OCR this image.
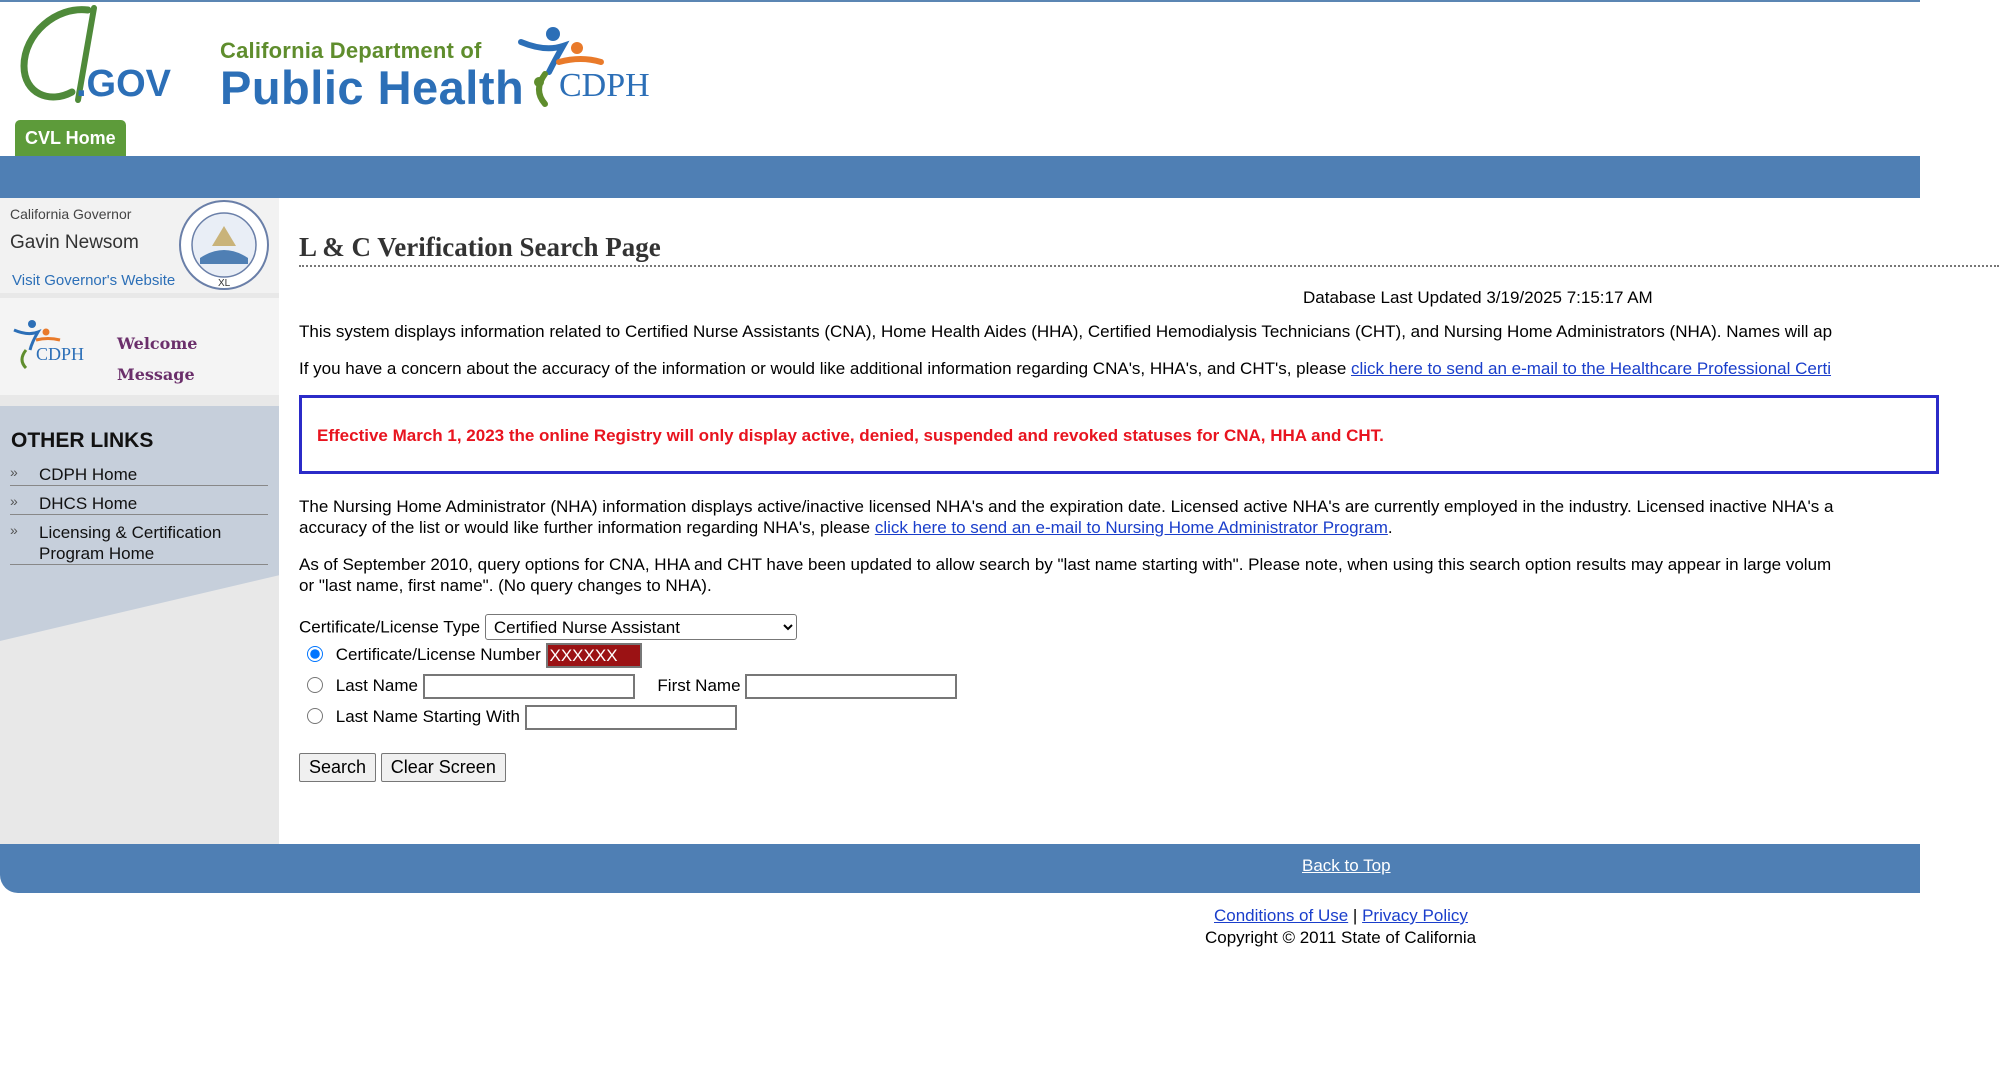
.GOV
California Department of
Public Health CDPH
CVL Home
California Governor
Gavin Newsom
Visit Governor's Website	XL
CDPH
Welcome
Message
OTHER LINKS
» CDPH Home
» DHCS Home
» Licensing & Certification Program Home
L & C Verification Search Page
Database Last Updated 3/19/2025 7:15:17 AM
This system displays information related to Certified Nurse Assistants (CNA), Home Health Aides (HHA), Certified Hemodialysis Technicians (CHT), and Nursing Home Administrators (NHA). Names will ap
If you have a concern about the accuracy of the information or would like additional information regarding CNA's, HHA's, and CHT's, please click here to send an e-mail to the Healthcare Professional Certi
Effective March 1, 2023 the online Registry will only display active, denied, suspended and revoked statuses for CNA, HHA and CHT.
The Nursing Home Administrator (NHA) information displays active/inactive licensed NHA's and the expiration date. Licensed active NHA's are currently employed in the industry. Licensed inactive NHA's a
accuracy of the list or would like further information regarding NHA's, please click here to send an e-mail to Nursing Home Administrator Program.
As of September 2010, query options for CNA, HHA and CHT have been updated to allow search by "last name starting with". Please note, when using this search option results may appear in large volum
or "last name, first name". (No query changes to NHA).
Certificate/License Type
Certified Nurse Assistant
Certificate/License Number XXXXXX
Last Name	First Name
Last Name Starting With
Search Clear Screen
Back to Top
Conditions of Use | Privacy Policy
Copyright © 2011 State of California
